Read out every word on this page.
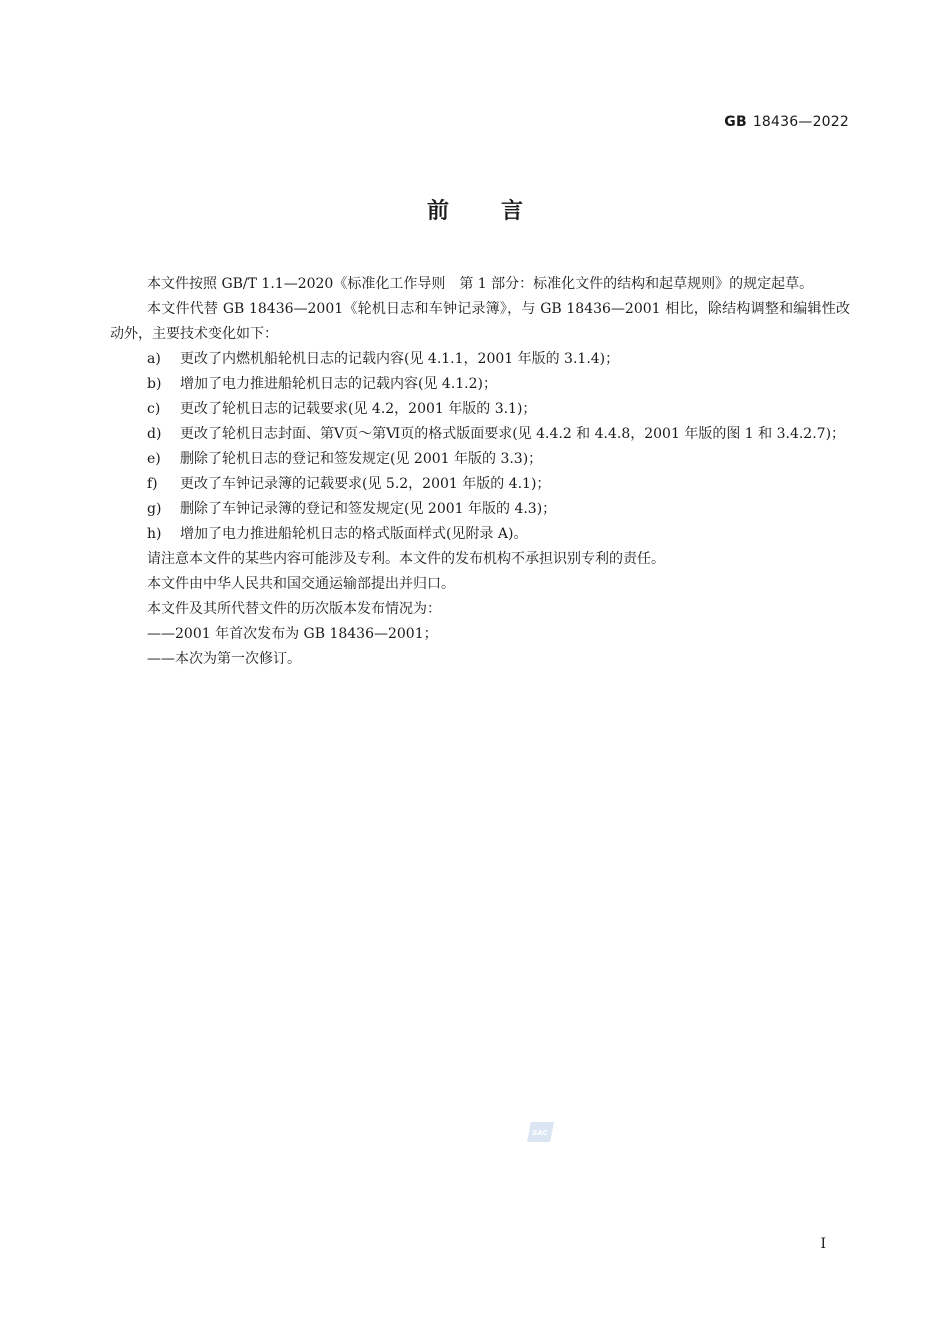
GB 18436—2022
前言

本文件按照 GB/T 1.1—2020《标准化工作导则　第 1 部分：标准化文件的结构和起草规则》的规定起草。

本文件代替 GB 18436—2001《轮机日志和车钟记录簿》，与 GB 18436—2001 相比，除结构调整和编辑性改动外，主要技术变化如下：

a) 更改了内燃机船轮机日志的记载内容(见 4.1.1，2001 年版的 3.1.4)；

b) 增加了电力推进船轮机日志的记载内容(见 4.1.2)；

c) 更改了轮机日志的记载要求(见 4.2，2001 年版的 3.1)；

d) 更改了轮机日志封面、第Ⅴ页～第Ⅵ页的格式版面要求(见 4.4.2 和 4.4.8，2001 年版的图 1 和 3.4.2.7)；

e) 删除了轮机日志的登记和签发规定(见 2001 年版的 3.3)；

f) 更改了车钟记录簿的记载要求(见 5.2，2001 年版的 4.1)；

g) 删除了车钟记录簿的登记和签发规定(见 2001 年版的 4.3)；

h) 增加了电力推进船轮机日志的格式版面样式(见附录 A)。

请注意本文件的某些内容可能涉及专利。本文件的发布机构不承担识别专利的责任。

本文件由中华人民共和国交通运输部提出并归口。

本文件及其所代替文件的历次版本发布情况为：

——2001 年首次发布为 GB 18436—2001；

——本次为第一次修订。

SAC
I
